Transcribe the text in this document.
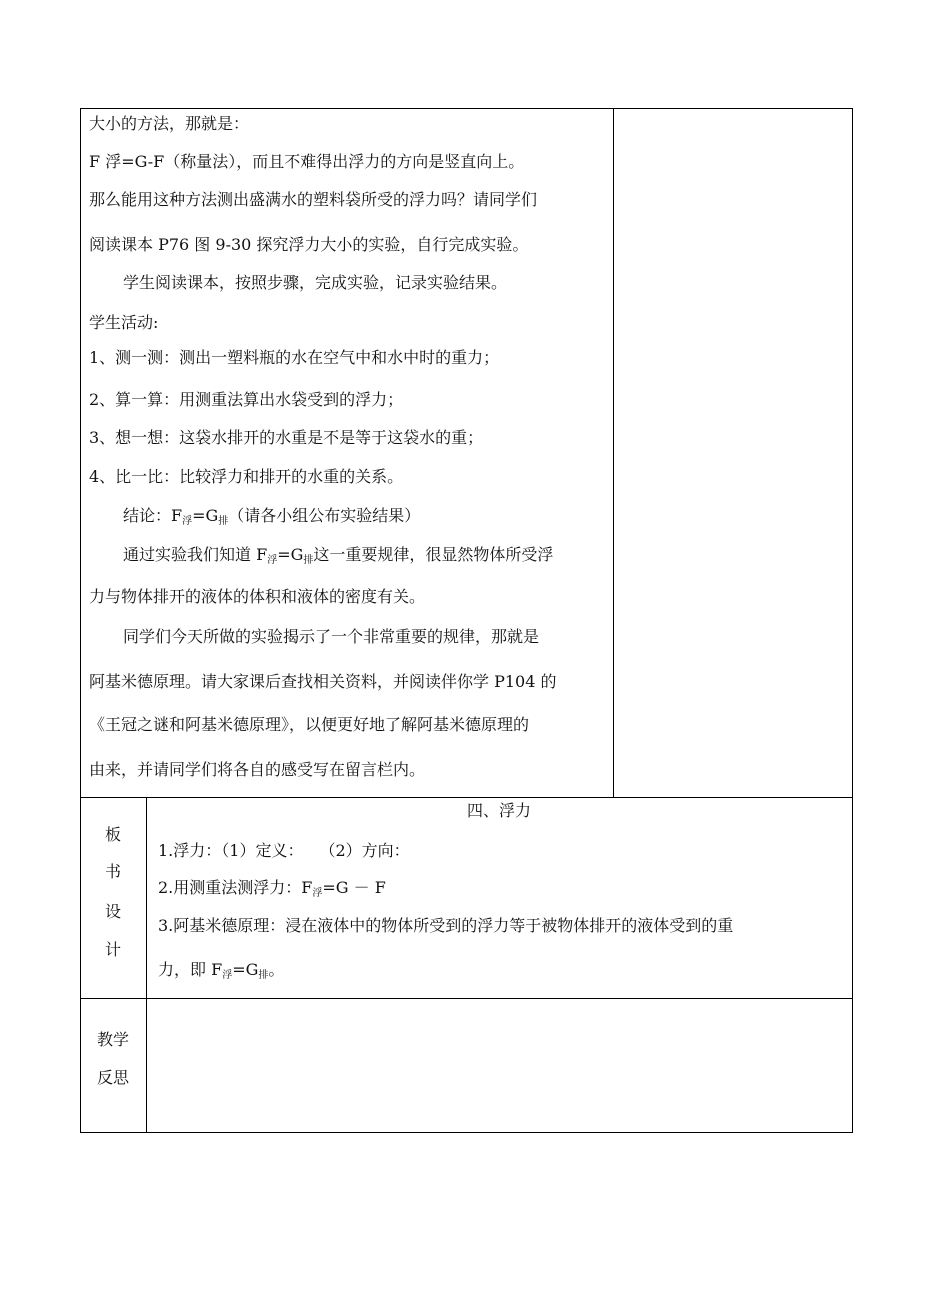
大小的方法，那就是：
F 浮=G-F（称量法），而且不难得出浮力的方向是竖直向上。
那么能用这种方法测出盛满水的塑料袋所受的浮力吗？请同学们
阅读课本 P76 图 9-30 探究浮力大小的实验，自行完成实验。
学生阅读课本，按照步骤，完成实验，记录实验结果。
学生活动:
1、测一测：测出一塑料瓶的水在空气中和水中时的重力；
2、算一算：用测重法算出水袋受到的浮力；
3、想一想：这袋水排开的水重是不是等于这袋水的重；
4、比一比：比较浮力和排开的水重的关系。
结论：$F_浮=G_排$（请各小组公布实验结果）
通过实验我们知道 $F_浮=G_排$这一重要规律，很显然物体所受浮
力与物体排开的液体的体积和液体的密度有关。
同学们今天所做的实验揭示了一个非常重要的规律，那就是
阿基米德原理。请大家课后查找相关资料，并阅读伴你学 P104 的
《王冠之谜和阿基米德原理》，以便更好地了解阿基米德原理的
由来，并请同学们将各自的感受写在留言栏内。
板
书
设
计
四、浮力
1.浮力：（1）定义：　　（2）方向：
2.用测重法测浮力：$F_浮=G - F$
3.阿基米德原理：浸在液体中的物体所受到的浮力等于被物体排开的液体受到的重
力，即 $F_浮=G_排$。
教学
反思
